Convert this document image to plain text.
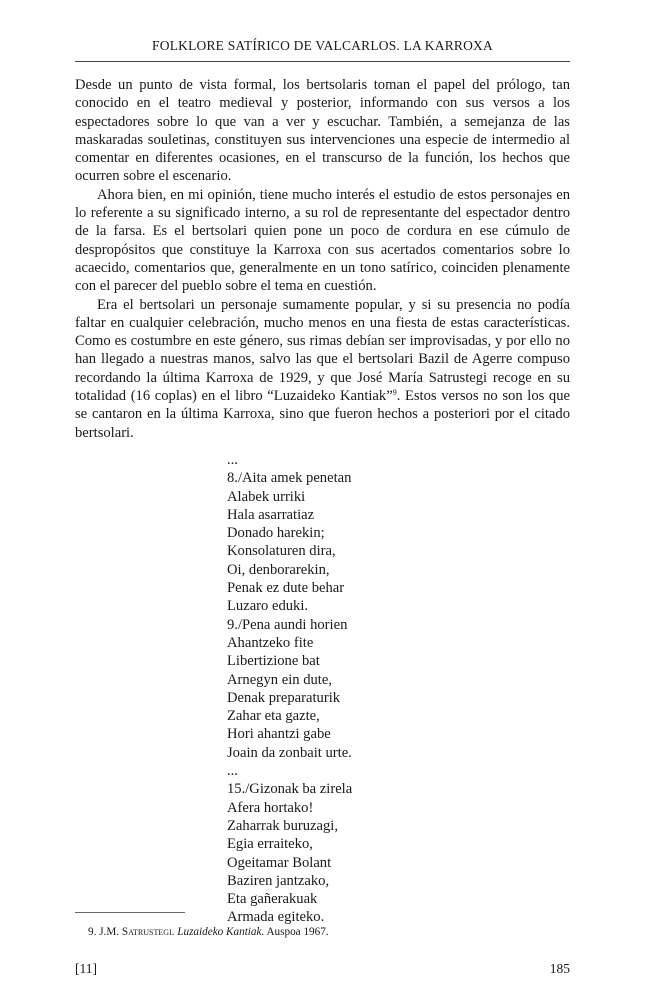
FOLKLORE SATÍRICO DE VALCARLOS. LA KARROXA

Desde un punto de vista formal, los bertsolaris toman el papel del prólogo, tan conocido en el teatro medieval y posterior, informando con sus versos a los espectadores sobre lo que van a ver y escuchar. También, a semejanza de las maskaradas souletinas, constituyen sus intervenciones una especie de intermedio al comentar en diferentes ocasiones, en el transcurso de la función, los hechos que ocurren sobre el escenario.

Ahora bien, en mi opinión, tiene mucho interés el estudio de estos personajes en lo referente a su significado interno, a su rol de representante del espectador dentro de la farsa. Es el bertsolari quien pone un poco de cordura en ese cúmulo de despropósitos que constituye la Karroxa con sus acertados comentarios sobre lo acaecido, comentarios que, generalmente en un tono satírico, coinciden plenamente con el parecer del pueblo sobre el tema en cuestión.

Era el bertsolari un personaje sumamente popular, y si su presencia no podía faltar en cualquier celebración, mucho menos en una fiesta de estas características. Como es costumbre en este género, sus rimas debían ser improvisadas, y por ello no han llegado a nuestras manos, salvo las que el bertsolari Bazil de Agerre compuso recordando la última Karroxa de 1929, y que José María Satrustegi recoge en su totalidad (16 coplas) en el libro “Luzaideko Kantiak”$^9$. Estos versos no son los que se cantaron en la última Karroxa, sino que fueron hechos a posteriori por el citado bertsolari.

...
8./Aita amek penetan
Alabek urriki
Hala asarratiaz
Donado harekin;
Konsolaturen dira,
Oi, denborarekin,
Penak ez dute behar
Luzaro eduki.
9./Pena aundi horien
Ahantzeko fite
Libertizione bat
Arnegyn ein dute,
Denak preparaturik
Zahar eta gazte,
Hori ahantzi gabe
Joain da zonbait urte.
...
15./Gizonak ba zirela
Afera hortako!
Zaharrak buruzagi,
Egia erraiteko,
Ogeitamar Bolant
Baziren jantzako,
Eta gañerakuak
Armada egiteko.
9. J.M. Satrustegi. Luzaideko Kantiak. Auspoa 1967.
[11]	185
